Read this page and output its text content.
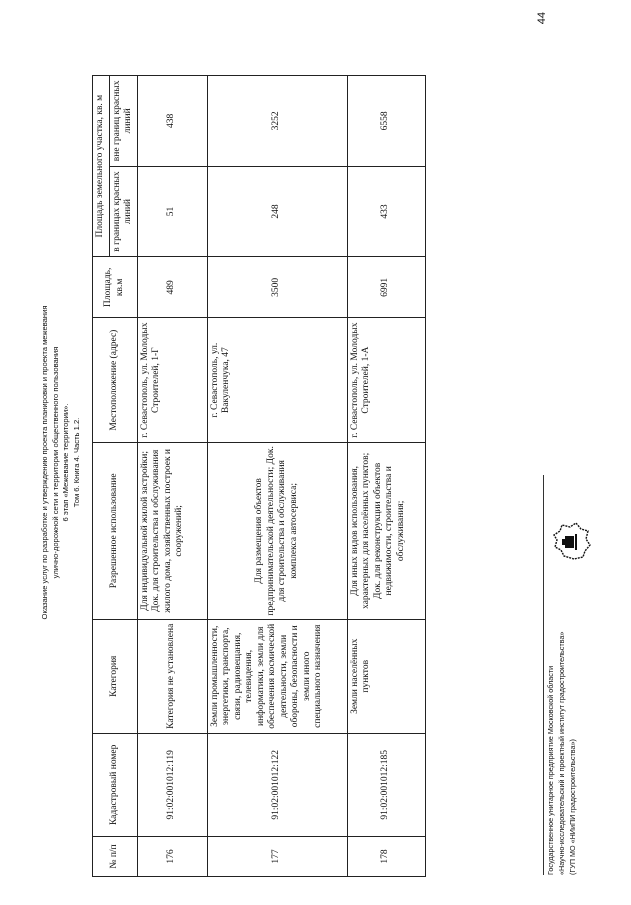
Оказание услуг по разработке и утверждению проекта планировки и проекта межевания улично-дорожной сети и территории общественного пользования 6 этап «Межевание территории». Том 6. Книга 4. Часть 1.2.
44
№ п/п	Кадастровый номер	Категория	Разрешенное использование	Местоположение (адрес)	Площадь, кв.м	Площадь земельного участка, кв. м	
						в границах красных линий	вне границ красных линий
176	91:02:001012:119	Категория не установлена	Для индивидуальной жилой застройки; Док. для строительства и обслуживания жилого дома, хозяйственных построек и сооружений;	г. Севастополь, ул. Молодых Строителей, 1-Г	489	51	438
177	91:02:001012:122	Земли промышленности, энергетики, транспорта, связи, радиовещания, телевидения, информатики, земли для обеспечения космической деятельности, земли обороны, безопасности и земли иного специального назначения	Для размещения объектов предпринимательской деятельности; Док. для строительства и обслуживания комплекса автосервиса;	г. Севастополь, ул. Вакуленчука, 47	3500	248	3252
178	91:02:001012:185	Земли населённых пунктов	Для иных видов использования, характерных для населённых пунктов; Док. для реконструкции объектов недвижимости, строительства и обслуживания;	г. Севастополь, ул. Молодых Строителей, 1-А	6991	433	6558
Государственное унитарное предприятие Московской области «Научно-исследовательский и проектный институт градостроительства» (ГУП МО «НИиПИ градостроительства»)
